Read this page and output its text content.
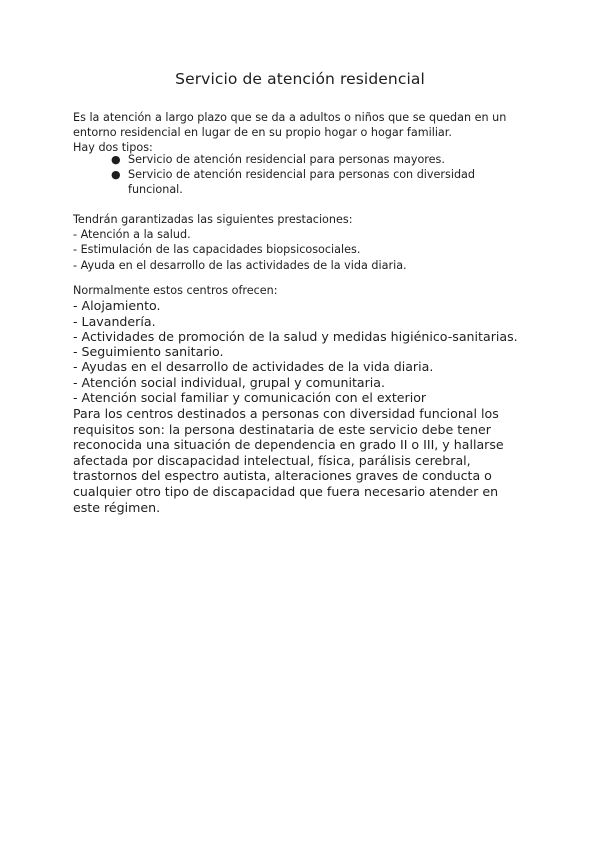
Servicio de atención residencial
Es la atención a largo plazo que se da a adultos o niños que se quedan en un
entorno residencial en lugar de en su propio hogar o hogar familiar.
Hay dos tipos:
● Servicio de atención residencial para personas mayores.
● Servicio de atención residencial para personas con diversidad
funcional.
Tendrán garantizadas las siguientes prestaciones:
- Atención a la salud.
- Estimulación de las capacidades biopsicosociales.
- Ayuda en el desarrollo de las actividades de la vida diaria.
Normalmente estos centros ofrecen:
- Alojamiento.
- Lavandería.
- Actividades de promoción de la salud y medidas higiénico-sanitarias.
- Seguimiento sanitario.
- Ayudas en el desarrollo de actividades de la vida diaria.
- Atención social individual, grupal y comunitaria.
- Atención social familiar y comunicación con el exterior
Para los centros destinados a personas con diversidad funcional los
requisitos son: la persona destinataria de este servicio debe tener
reconocida una situación de dependencia en grado II o III, y hallarse
afectada por discapacidad intelectual, física, parálisis cerebral,
trastornos del espectro autista, alteraciones graves de conducta o
cualquier otro tipo de discapacidad que fuera necesario atender en
este régimen.
